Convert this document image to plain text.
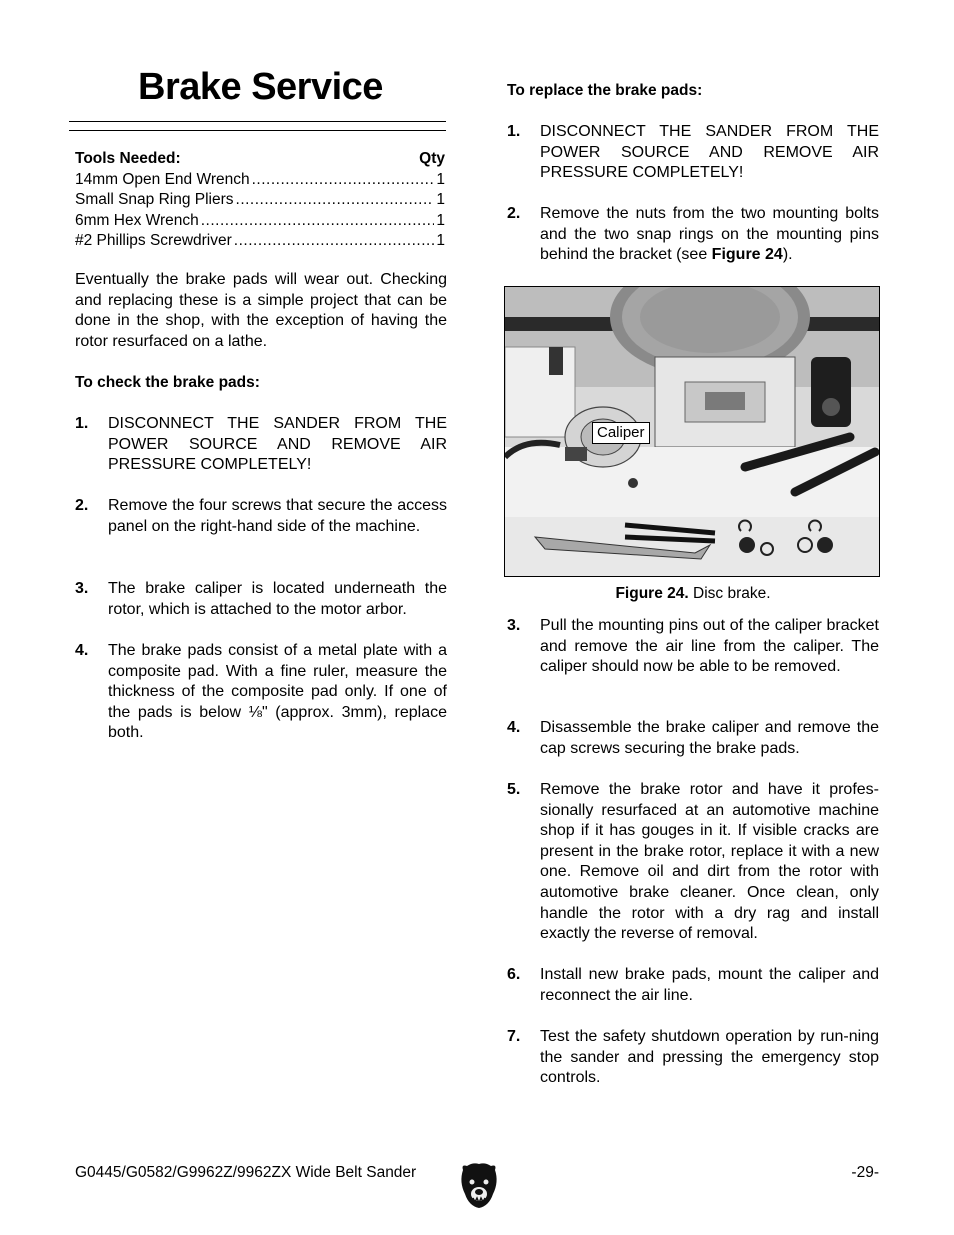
Brake Service
Tools Needed:	Qty
14mm Open End Wrench .....	1
Small Snap Ring Pliers .....	1
6mm Hex Wrench .....	1
#2 Phillips Screwdriver .....	1
Eventually the brake pads will wear out. Checking and replacing these is a simple project that can be done in the shop, with the exception of having the rotor resurfaced on a lathe.
To check the brake pads:
1.	DISCONNECT THE SANDER FROM THE POWER SOURCE AND REMOVE AIR PRESSURE COMPLETELY!
2.	Remove the four screws that secure the access panel on the right-hand side of the machine.
3.	The brake caliper is located underneath the rotor, which is attached to the motor arbor.
4.	The brake pads consist of a metal plate with a composite pad. With a fine ruler, measure the thickness of the composite pad only. If one of the pads is below ⅛" (approx. 3mm), replace both.
To replace the brake pads:
1.	DISCONNECT THE SANDER FROM THE POWER SOURCE AND REMOVE AIR PRESSURE COMPLETELY!
2.	Remove the nuts from the two mounting bolts and the two snap rings on the mounting pins behind the bracket (see Figure 24).
3.	Pull the mounting pins out of the caliper bracket and remove the air line from the caliper. The caliper should now be able to be removed.
4.	Disassemble the brake caliper and remove the cap screws securing the brake pads.
5.	Remove the brake rotor and have it profes-sionally resurfaced at an automotive machine shop if it has gouges in it. If visible cracks are present in the brake rotor, replace it with a new one. Remove oil and dirt from the rotor with automotive brake cleaner. Once clean, only handle the rotor with a dry rag and install exactly the reverse of removal.
6.	Install new brake pads, mount the caliper and reconnect the air line.
7.	Test the safety shutdown operation by run-ning the sander and pressing the emergency stop controls.
Caliper
Figure 24. Disc brake.
G0445/G0582/G9962Z/9962ZX Wide Belt Sander	-29-
